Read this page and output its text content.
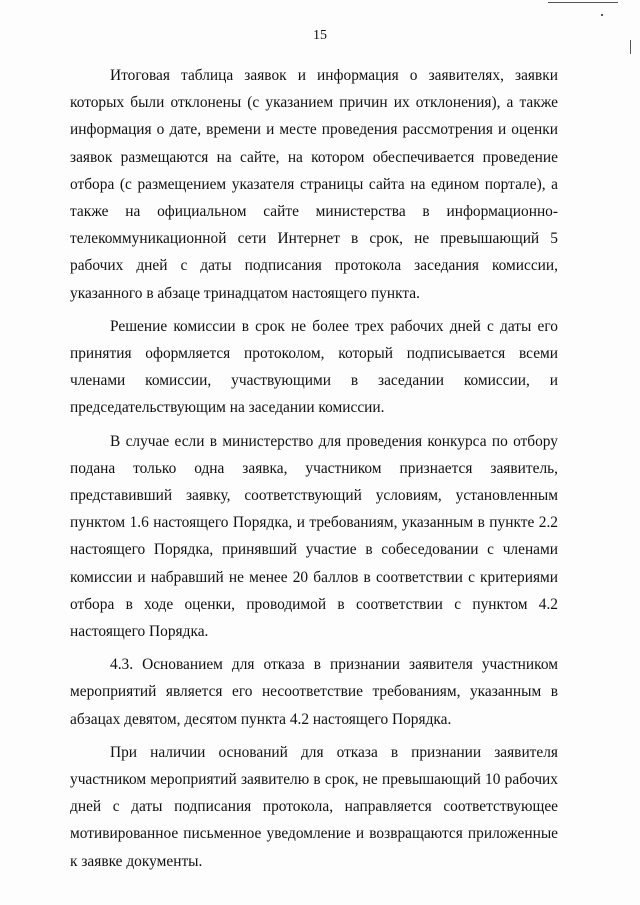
15

Итоговая таблица заявок и информация о заявителях, заявки которых были отклонены (с указанием причин их отклонения), а также информация о дате, времени и месте проведения рассмотрения и оценки заявок размещаются на сайте, на котором обеспечивается проведение отбора (с размещением указателя страницы сайта на едином портале), а также на официальном сайте министерства в информационно-телекоммуникационной сети Интернет в срок, не превышающий 5 рабочих дней с даты подписания протокола заседания комиссии, указанного в абзаце тринадцатом настоящего пункта.

Решение комиссии в срок не более трех рабочих дней с даты его принятия оформляется протоколом, который подписывается всеми членами комиссии, участвующими в заседании комиссии, и председательствующим на заседании комиссии.

В случае если в министерство для проведения конкурса по отбору подана только одна заявка, участником признается заявитель, представивший заявку, соответствующий условиям, установленным пунктом 1.6 настоящего Порядка, и требованиям, указанным в пункте 2.2 настоящего Порядка, принявший участие в собеседовании с членами комиссии и набравший не менее 20 баллов в соответствии с критериями отбора в ходе оценки, проводимой в соответствии с пунктом 4.2 настоящего Порядка.

4.3. Основанием для отказа в признании заявителя участником мероприятий является его несоответствие требованиям, указанным в абзацах девятом, десятом пункта 4.2 настоящего Порядка.

При наличии оснований для отказа в признании заявителя участником мероприятий заявителю в срок, не превышающий 10 рабочих дней с даты подписания протокола, направляется соответствующее мотивированное письменное уведомление и возвращаются приложенные к заявке документы.
